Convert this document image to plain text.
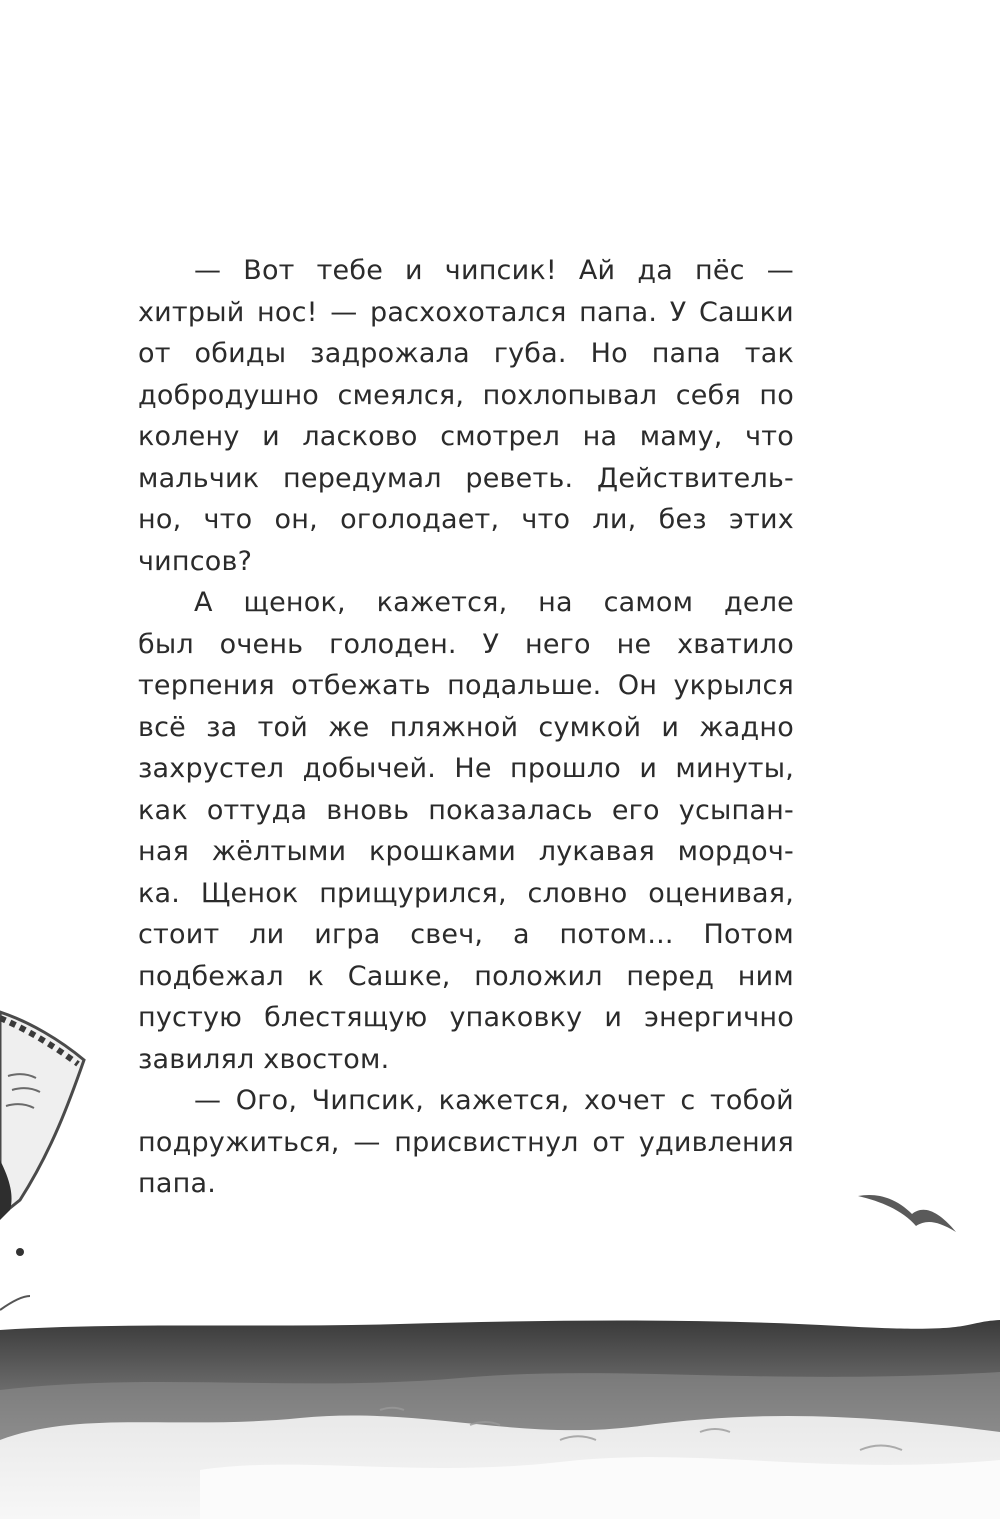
— Вот тебе и чипсик! Ай да пёс —
хитрый нос! — расхохотался папа. У Сашки
от обиды задрожала губа. Но папа так
добродушно смеялся, похлопывал себя по
колену и ласково смотрел на маму, что
мальчик передумал реветь. Действитель-
но, что он, оголодает, что ли, без этих
чипсов?
А щенок, кажется, на самом деле
был очень голоден. У него не хватило
терпения отбежать подальше. Он укрылся
всё за той же пляжной сумкой и жадно
захрустел добычей. Не прошло и минуты,
как оттуда вновь показалась его усыпан-
ная жёлтыми крошками лукавая мордоч-
ка. Щенок прищурился, словно оценивая,
стоит ли игра свеч, а потом... Потом
подбежал к Сашке, положил перед ним
пустую блестящую упаковку и энергично
завилял хвостом.
— Ого, Чипсик, кажется, хочет с тобой
подружиться, — присвистнул от удивления
папа.
